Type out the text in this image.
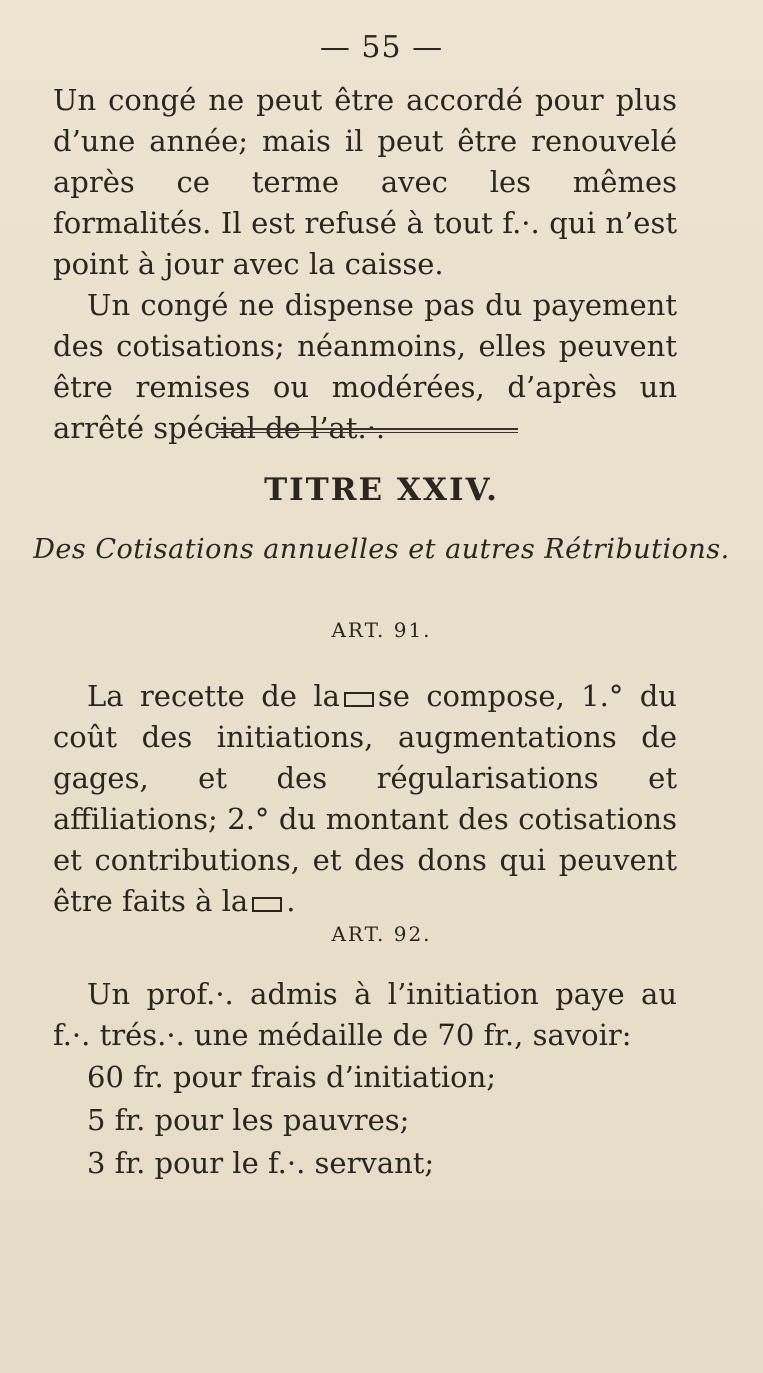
— 55 —

Un congé ne peut être accordé pour plus d’une année; mais il peut être renouvelé après ce terme avec les mêmes formalités. Il est refusé à tout f.·. qui n’est point à jour avec la caisse.

Un congé ne dispense pas du payement des cotisations; néanmoins, elles peuvent être remises ou modérées, d’après un arrêté spécial de l’at.·.

TITRE XXIV.
Des Cotisations annuelles et autres Rétributions.
ART. 91.

La recette de la se compose, 1.° du coût des initiations, augmentations de gages, et des régularisations et affiliations; 2.° du montant des cotisations et contributions, et des dons qui peuvent être faits à la .

ART. 92.

Un prof.·. admis à l’initiation paye au f.·. trés.·. une médaille de 70 fr., savoir:

60 fr. pour frais d’initiation;
5 fr. pour les pauvres;
3 fr. pour le f.·. servant;
